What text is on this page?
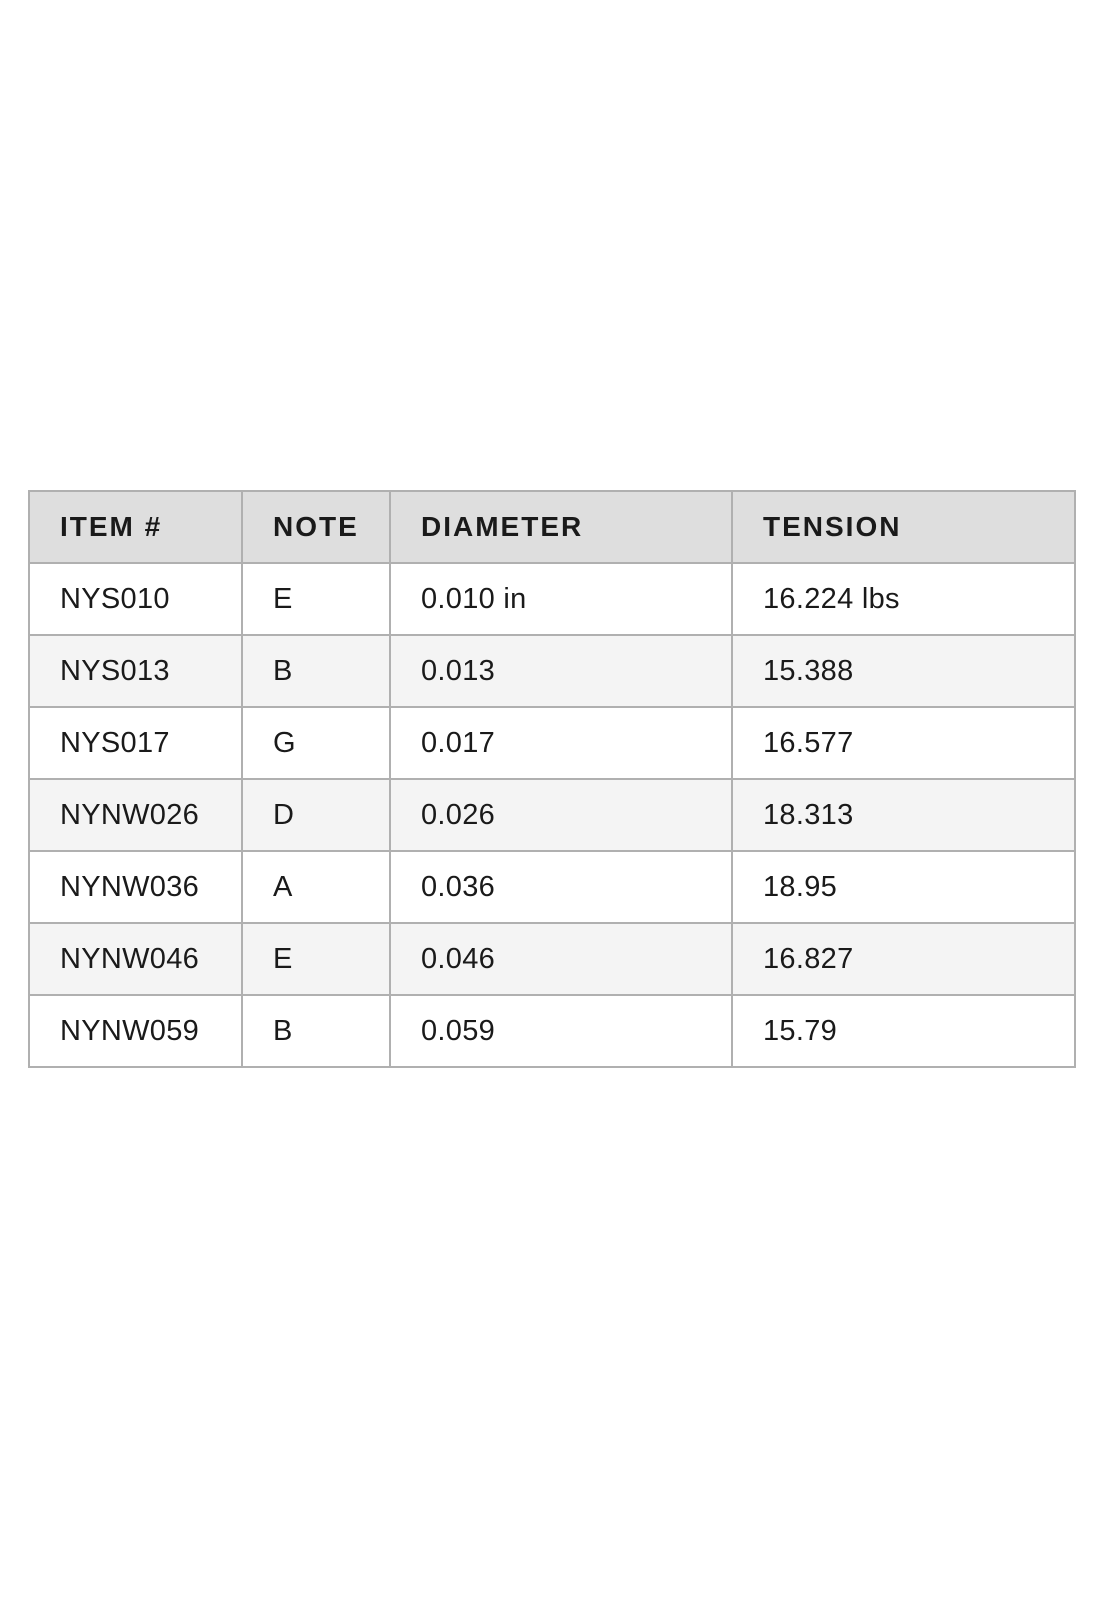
ITEM #	NOTE	DIAMETER	TENSION
NYS010	E	0.010 in	16.224 lbs
NYS013	B	0.013	15.388
NYS017	G	0.017	16.577
NYNW026	D	0.026	18.313
NYNW036	A	0.036	18.95
NYNW046	E	0.046	16.827
NYNW059	B	0.059	15.79
